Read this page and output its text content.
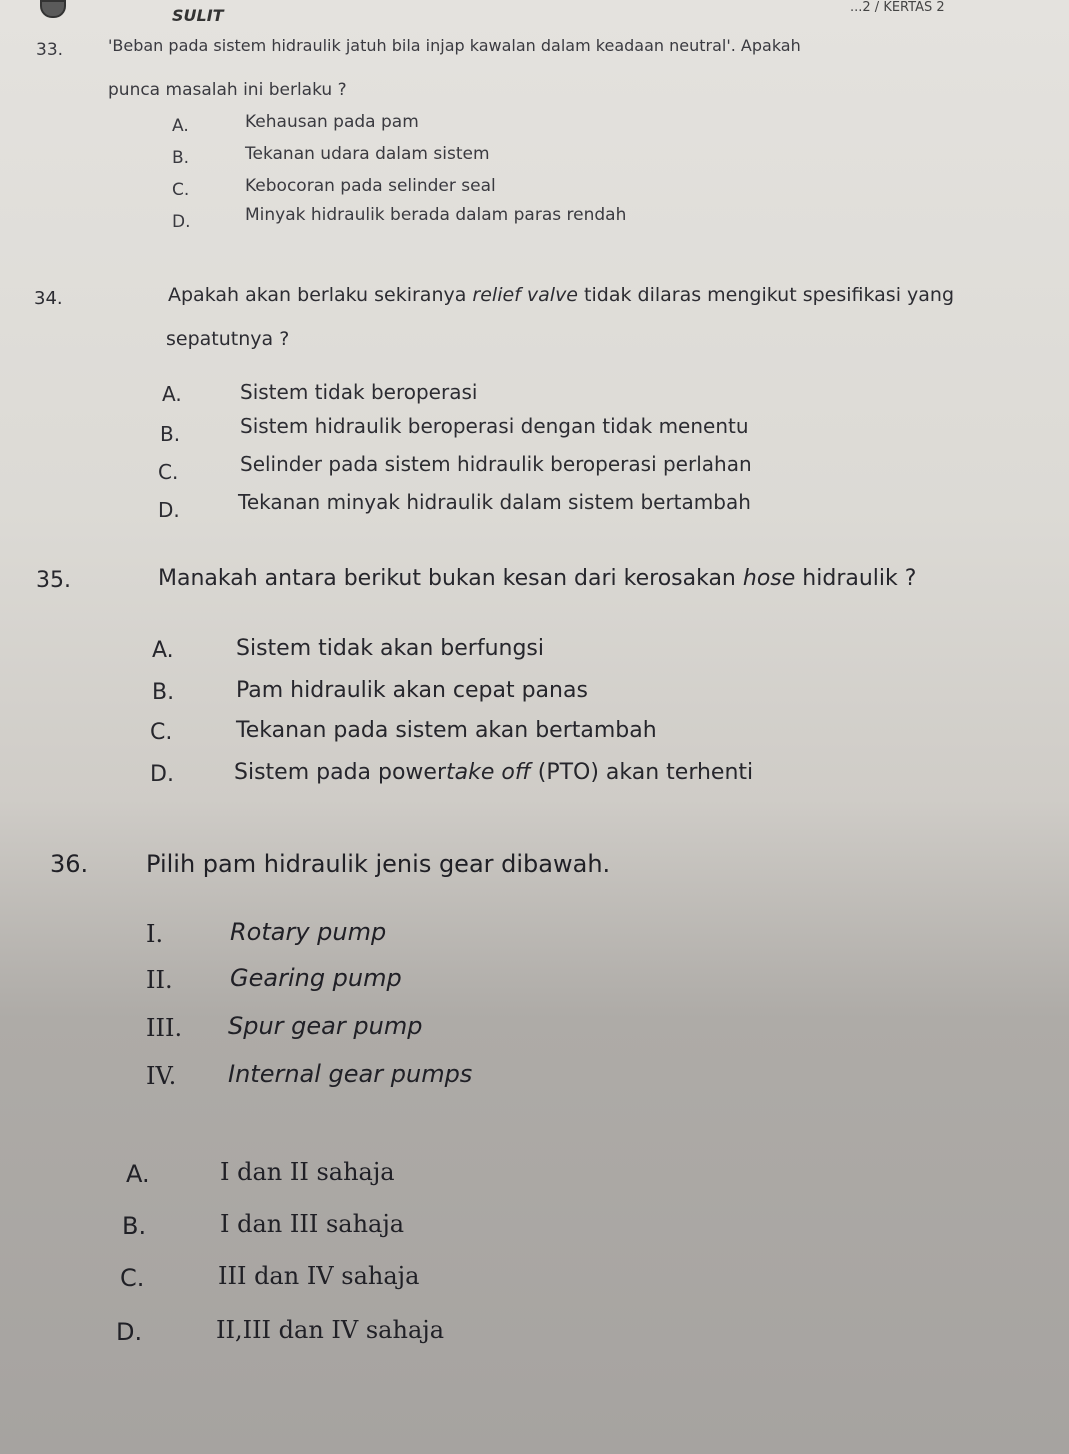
SULIT	...2 / KERTAS 2
33.	'Beban pada sistem hidraulik jatuh bila injap kawalan dalam keadaan neutral'. Apakah
punca masalah ini berlaku ?
A.	Kehausan pada pam
B.	Tekanan udara dalam sistem
C.	Kebocoran pada selinder seal
D.	Minyak hidraulik berada dalam paras rendah
34.	Apakah akan berlaku sekiranya relief valve tidak dilaras mengikut spesifikasi yang
sepatutnya ?
A.	Sistem tidak beroperasi
B.	Sistem hidraulik beroperasi dengan tidak menentu
C.	Selinder pada sistem hidraulik beroperasi perlahan
D.	Tekanan minyak hidraulik dalam sistem bertambah
35.	Manakah antara berikut bukan kesan dari kerosakan hose hidraulik ?
A.	Sistem tidak akan berfungsi
B.	Pam hidraulik akan cepat panas
C.	Tekanan pada sistem akan bertambah
D.	Sistem pada powertake off (PTO) akan terhenti
36. Pilih pam hidraulik jenis gear dibawah.
I.	Rotary pump
II. Gearing pump
III. Spur gear pump
IV. Internal gear pumps
A.	I dan II sahaja
B.	I dan III sahaja
C.	III dan IV sahaja
D.	II,III dan IV sahaja
